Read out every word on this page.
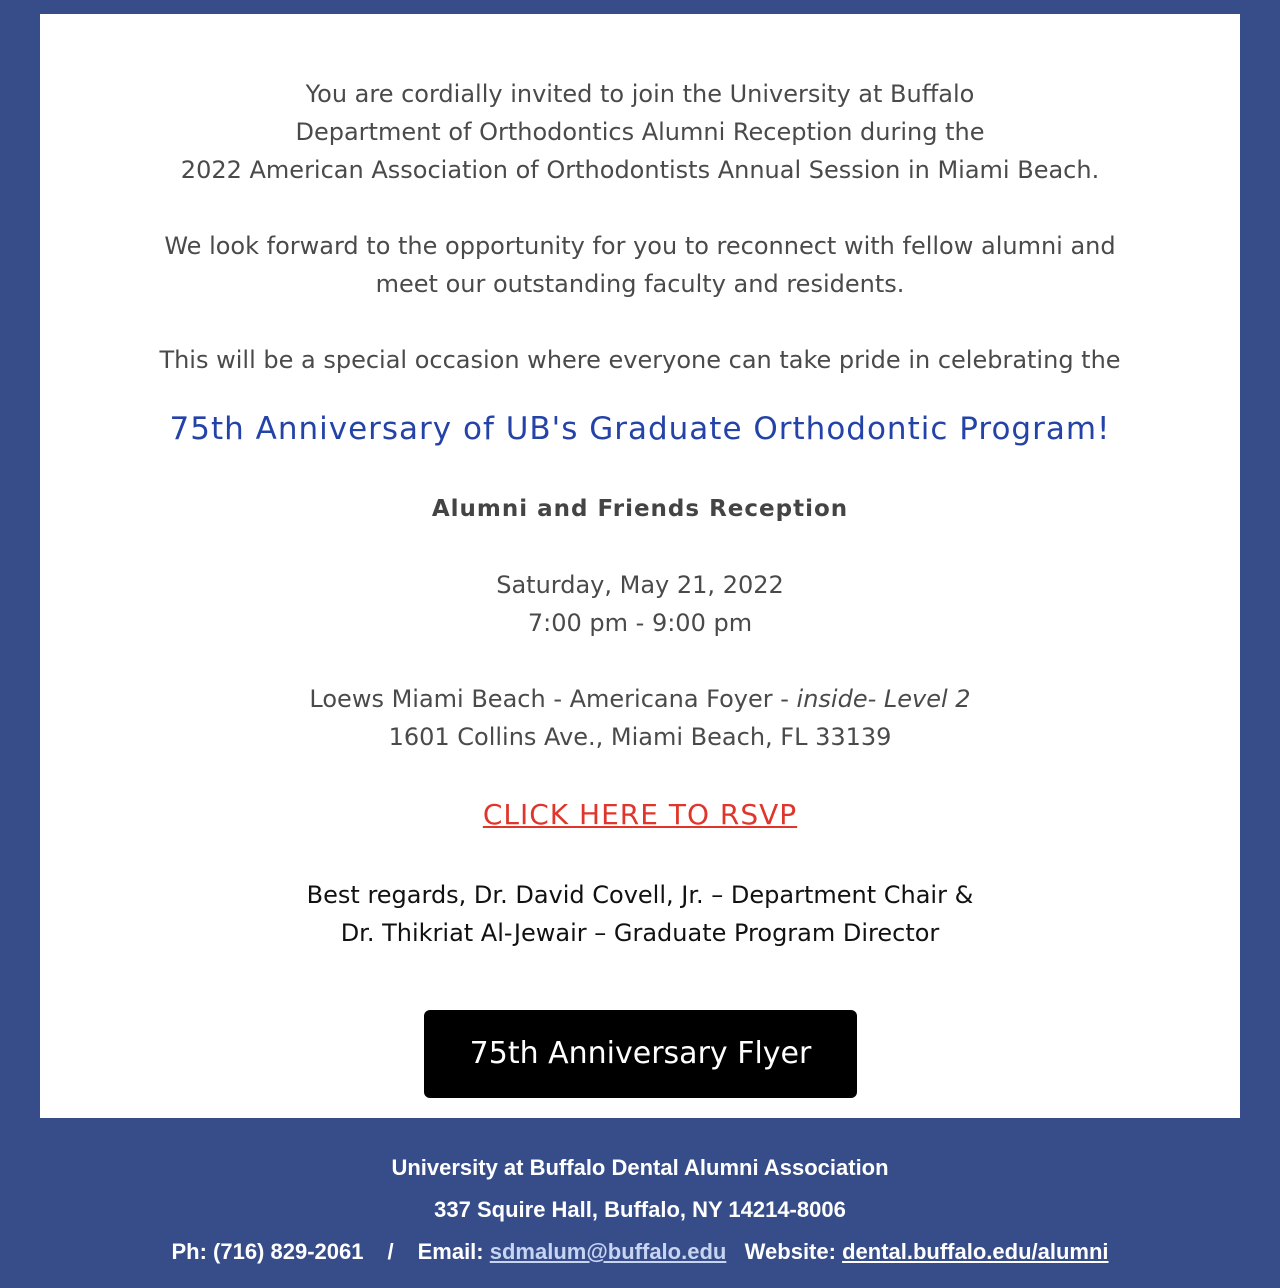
You are cordially invited to join the University at Buffalo
Department of Orthodontics Alumni Reception during the
2022 American Association of Orthodontists Annual Session in Miami Beach.
We look forward to the opportunity for you to reconnect with fellow alumni and
meet our outstanding faculty and residents.
This will be a special occasion where everyone can take pride in celebrating the
75th Anniversary of UB's Graduate Orthodontic Program!
Alumni and Friends Reception
Saturday, May 21, 2022
7:00 pm - 9:00 pm
Loews Miami Beach - Americana Foyer - inside- Level 2
1601 Collins Ave., Miami Beach, FL 33139
CLICK HERE TO RSVP
Best regards, Dr. David Covell, Jr. – Department Chair &
Dr. Thikriat Al-Jewair – Graduate Program Director
75th Anniversary Flyer
University at Buffalo Dental Alumni Association
337 Squire Hall, Buffalo, NY 14214-8006
Ph: (716) 829-2061 / Email: sdmalum@buffalo.edu Website: dental.buffalo.edu/alumni
